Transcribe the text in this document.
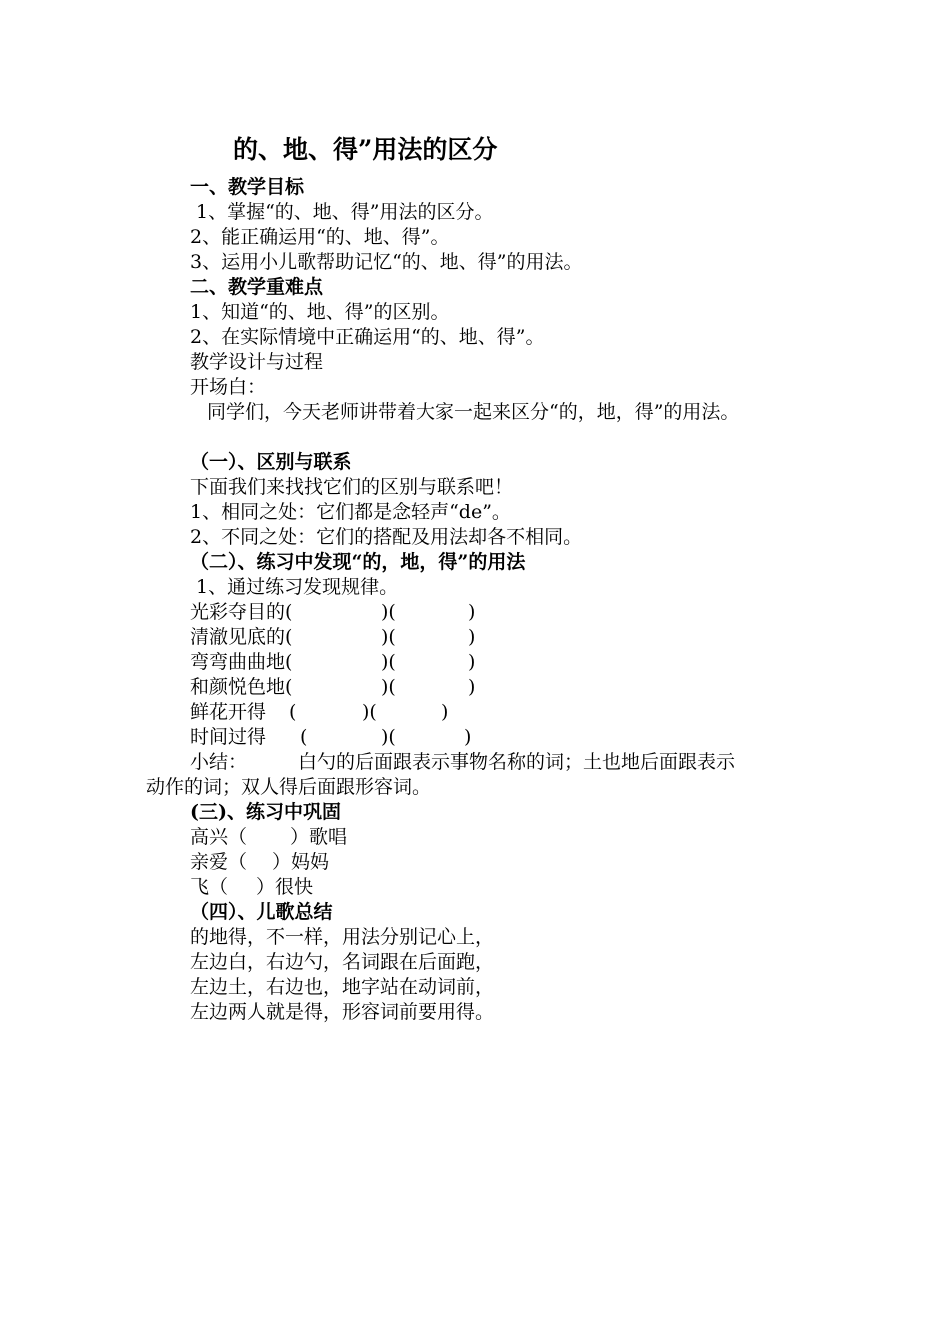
的、地、得”用法的区分
一、教学目标
1、掌握“的、地、得”用法的区分。
2、能正确运用“的、地、得”。
3、运用小儿歌帮助记忆“的、地、得”的用法。
二、教学重难点
1、知道“的、地、得”的区别。
2、在实际情境中正确运用“的、地、得”。
教学设计与过程
开场白：
同学们，今天老师讲带着大家一起来区分“的，地，得”的用法。
（一）、区别与联系
下面我们来找找它们的区别与联系吧！
1、相同之处：它们都是念轻声“de”。
2、不同之处：它们的搭配及用法却各不相同。
（二）、练习中发现“的，地，得”的用法
1、通过练习发现规律。
光彩夺目的(	)(	)
清澈见底的(	)(	)
弯弯曲曲地(	)(	)
和颜悦色地(	)(	)
鲜花开得 (	)(	)
时间过得 (	)(	)
小结：	白勺的后面跟表示事物名称的词；土也地后面跟表示
动作的词；双人得后面跟形容词。
(三)、练习中巩固
高兴（ ）歌唱
亲爱（ ）妈妈
飞（ ）很快
（四）、儿歌总结
的地得，不一样，用法分别记心上，
左边白，右边勺，名词跟在后面跑，
左边土，右边也，地字站在动词前，
左边两人就是得，形容词前要用得。
